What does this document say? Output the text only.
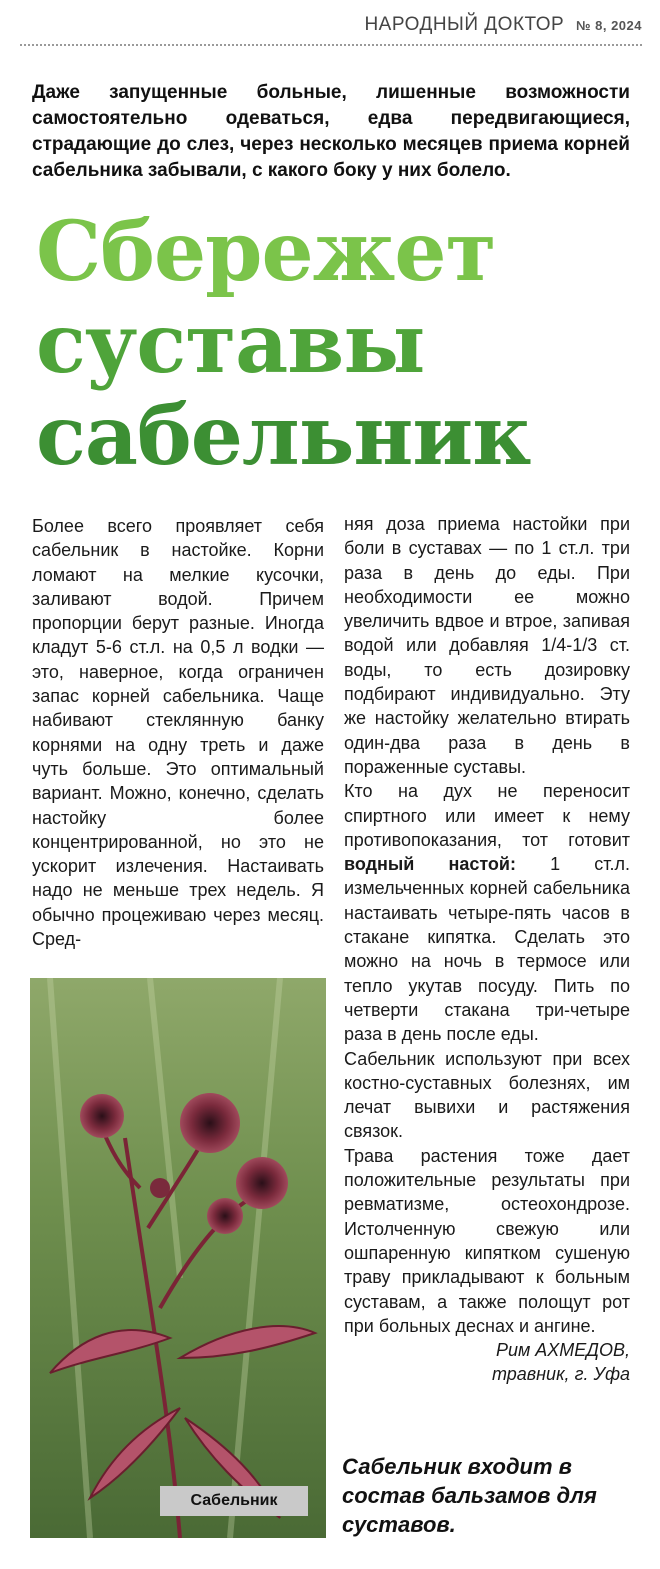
НАРОДНЫЙ ДОКТОР № 8, 2024
Даже запущенные больные, лишенные возможности самостоятельно одеваться, едва передвигающиеся, страдающие до слез, через несколько месяцев приема корней сабельника забывали, с какого боку у них болело.
Сбережет
суставы
сабельник

Более всего проявляет себя сабельник в настойке. Корни ломают на мелкие кусочки, заливают водой. Причем пропорции берут разные. Иногда кладут 5-6 ст.л. на 0,5 л водки — это, наверное, когда ограничен запас корней сабельника. Чаще набивают стеклянную банку корнями на одну треть и даже чуть больше. Это оптимальный вариант. Можно, конечно, сделать настойку более концентрированной, но это не ускорит излечения. Настаивать надо не меньше трех недель. Я обычно процеживаю через месяц. Сред-

няя доза приема настойки при боли в суставах — по 1 ст.л. три раза в день до еды. При необходимости ее можно увеличить вдвое и втрое, запивая водой или добавляя 1/4-1/3 ст. воды, то есть дозировку подбирают индивидуально. Эту же настойку желательно втирать один-два раза в день в пораженные суставы.

Кто на дух не переносит спиртного или имеет к нему противопоказания, тот готовит водный настой: 1 ст.л. измельченных корней сабельника настаивать четыре-пять часов в стакане кипятка. Сделать это можно на ночь в термосе или тепло укутав посуду. Пить по четверти стакана три-четыре раза в день после еды.

Сабельник используют при всех костно-суставных болезнях, им лечат вывихи и растяжения связок.

Трава растения тоже дает положительные результаты при ревматизме, остеохондрозе. Истолченную свежую или ошпаренную кипятком сушеную траву прикладывают к больным суставам, а также полощут рот при больных деснах и ангине.

Рим АХМЕДОВ,

травник, г. Уфа

Сабельник
Сабельник входит в состав бальзамов для суставов.
